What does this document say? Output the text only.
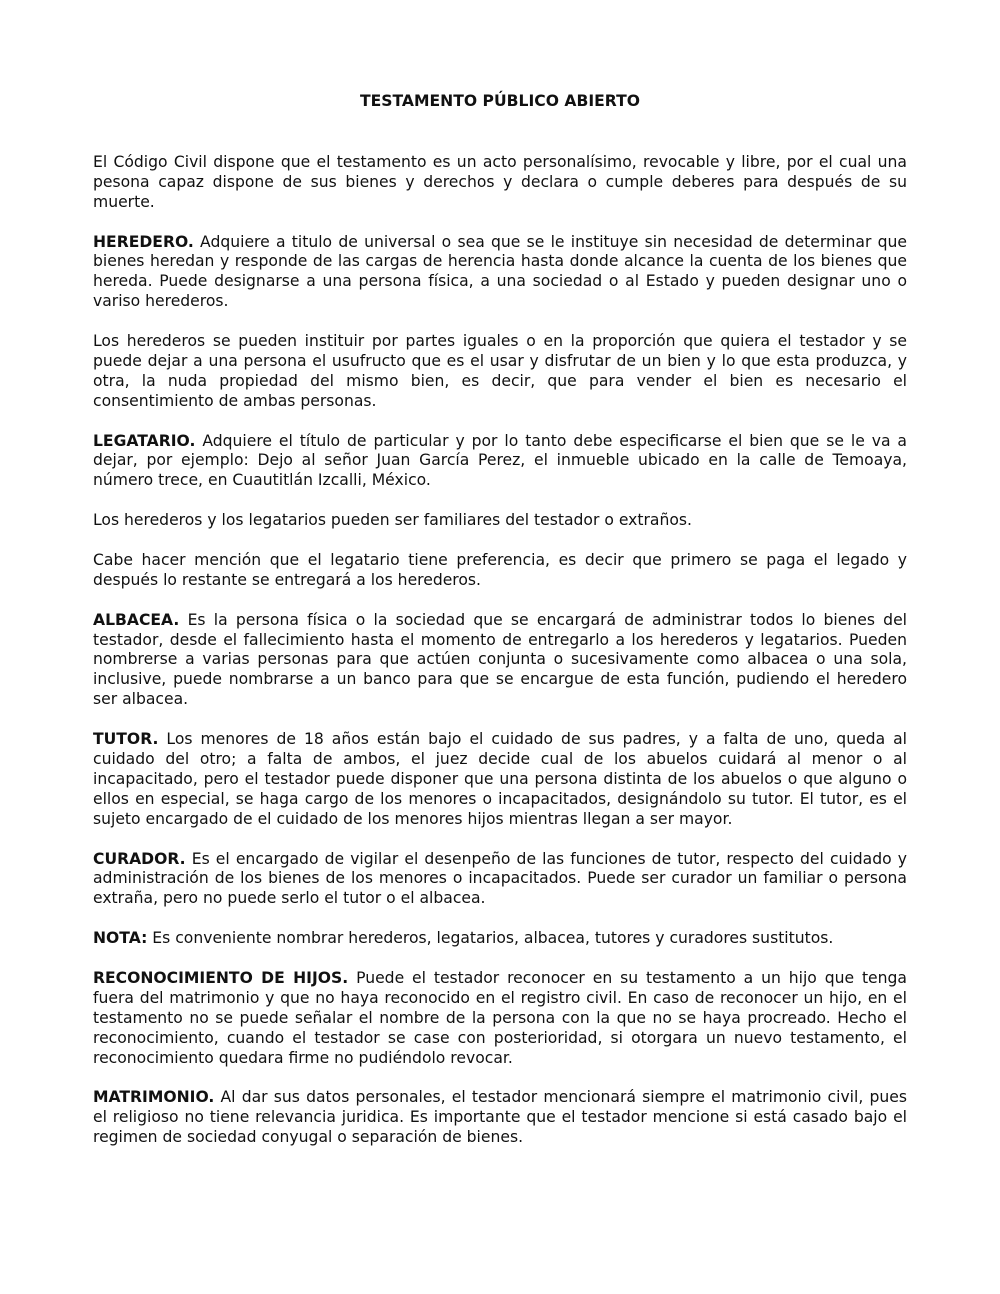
TESTAMENTO PÚBLICO ABIERTO

El Código Civil dispone que el testamento es un acto personalísimo, revocable y libre, por el cual una pesona capaz dispone de sus bienes y derechos y declara o cumple deberes para después de su muerte.

HEREDERO. Adquiere a titulo de universal o sea que se le instituye sin necesidad de determinar que bienes heredan y responde de las cargas de herencia hasta donde alcance la cuenta de los bienes que hereda. Puede designarse a una persona física, a una sociedad o al Estado y pueden designar uno o variso herederos.

Los herederos se pueden instituir por partes iguales o en la proporción que quiera el testador y se puede dejar a una persona el usufructo que es el usar y disfrutar de un bien y lo que esta produzca, y otra, la nuda propiedad del mismo bien, es decir, que para vender el bien es necesario el consentimiento de ambas personas.

LEGATARIO. Adquiere el título de particular y por lo tanto debe especificarse el bien que se le va a dejar, por ejemplo: Dejo al señor Juan García Perez, el inmueble ubicado en la calle de Temoaya, número trece, en Cuautitlán Izcalli, México.

Los herederos y los legatarios pueden ser familiares del testador o extraños.

Cabe hacer mención que el legatario tiene preferencia, es decir que primero se paga el legado y después lo restante se entregará a los herederos.

ALBACEA. Es la persona física o la sociedad que se encargará de administrar todos lo bienes del testador, desde el fallecimiento hasta el momento de entregarlo a los herederos y legatarios. Pueden nombrerse a varias personas para que actúen conjunta o sucesivamente como albacea o una sola, inclusive, puede nombrarse a un banco para que se encargue de esta función, pudiendo el heredero ser albacea.

TUTOR. Los menores de 18 años están bajo el cuidado de sus padres, y a falta de uno, queda al cuidado del otro; a falta de ambos, el juez decide cual de los abuelos cuidará al menor o al incapacitado, pero el testador puede disponer que una persona distinta de los abuelos o que alguno o ellos en especial, se haga cargo de los menores o incapacitados, designándolo su tutor. El tutor, es el sujeto encargado de el cuidado de los menores hijos mientras llegan a ser mayor.

CURADOR. Es el encargado de vigilar el desenpeño de las funciones de tutor, respecto del cuidado y administración de los bienes de los menores o incapacitados. Puede ser curador un familiar o persona extraña, pero no puede serlo el tutor o el albacea.

NOTA: Es conveniente nombrar herederos, legatarios, albacea, tutores y curadores sustitutos.

RECONOCIMIENTO DE HIJOS. Puede el testador reconocer en su testamento a un hijo que tenga fuera del matrimonio y que no haya reconocido en el registro civil. En caso de reconocer un hijo, en el testamento no se puede señalar el nombre de la persona con la que no se haya procreado. Hecho el reconocimiento, cuando el testador se case con posterioridad, si otorgara un nuevo testamento, el reconocimiento quedara firme no pudiéndolo revocar.

MATRIMONIO. Al dar sus datos personales, el testador mencionará siempre el matrimonio civil, pues el religioso no tiene relevancia juridica. Es importante que el testador mencione si está casado bajo el regimen de sociedad conyugal o separación de bienes.
